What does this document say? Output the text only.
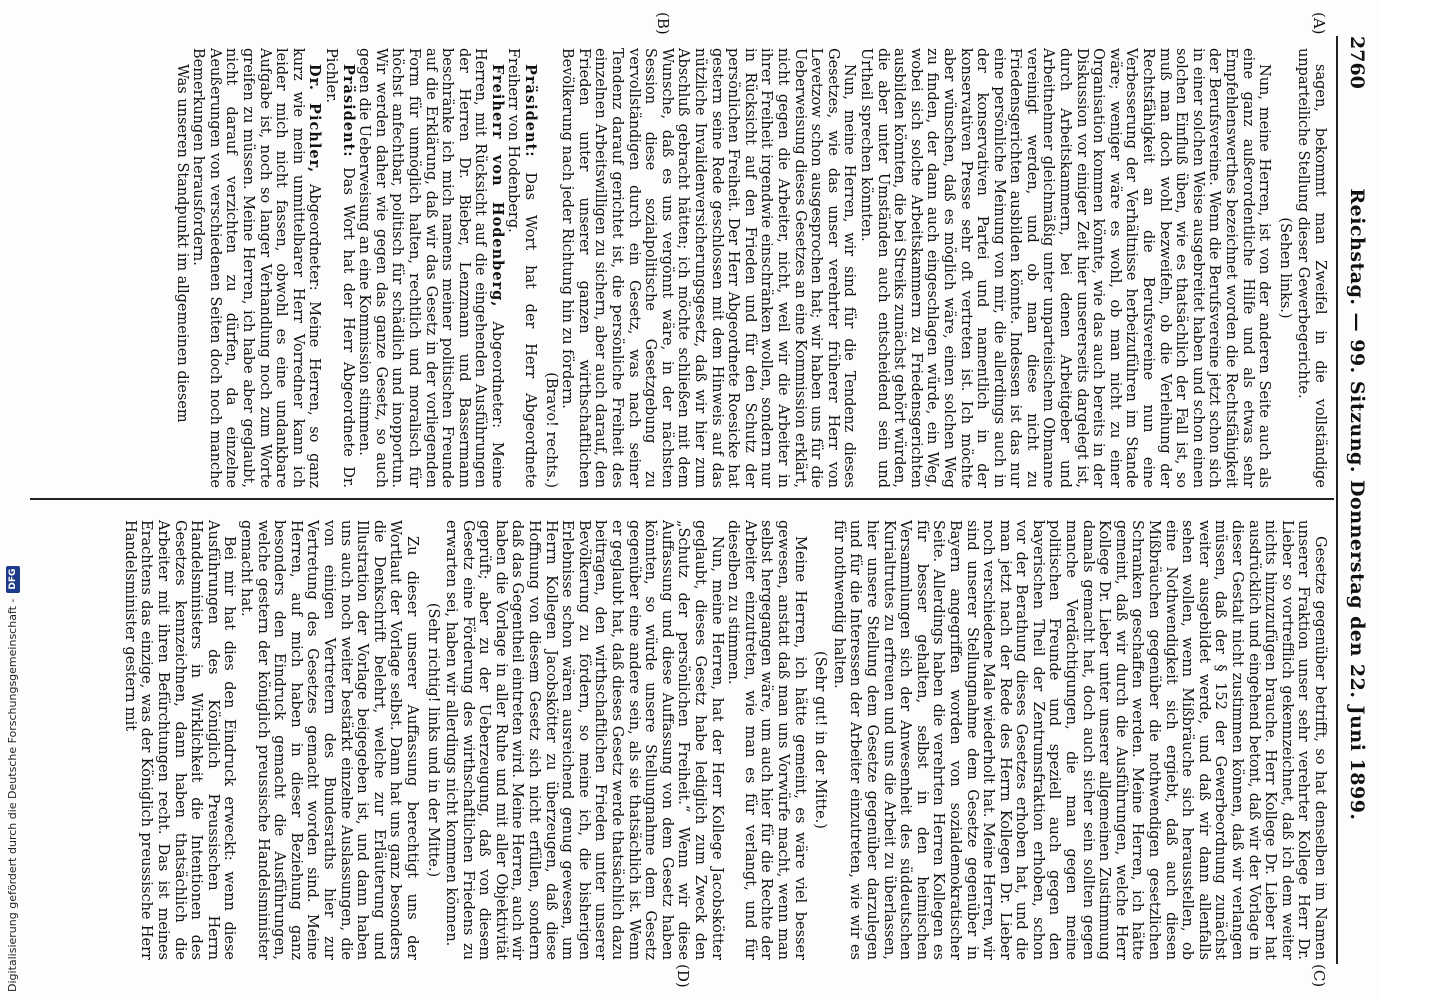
2760
Reichstag. — 99. Sitzung. Donnerstag den 22. Juni 1899.
(A)
(B)
(C)
(D)

sagen, bekommt man Zweifel in die vollständige unparteiliche Stellung dieser Gewerbegerichte.

(Sehen links.)

Nun, meine Herren, ist von der anderen Seite auch als eine ganz außerordentliche Hilfe und als etwas sehr Empfehlenswerthes bezeichnet worden die Rechtsfähigkeit der Berufsvereine. Wenn die Berufsvereine jetzt schon sich in einer solchen Weise ausgebreitet haben und schon einen solchen Einfluß üben, wie es thatsächlich der Fall ist, so muß man doch wohl bezweifeln, ob die Verleihung der Rechtsfähigkeit an die Berufsvereine nun eine Verbesserung der Verhältnisse herbeizuführen im Stande wäre; weniger wäre es wohl, ob man nicht zu einer Organisation kommen könnte, wie das auch bereits in der Diskussion vor einiger Zeit hier unsererseits dargelegt ist, durch Arbeitskammern, bei denen Arbeitgeber und Arbeitnehmer gleichmäßig unter unparteiischem Obmanne vereinigt werden, und ob man diese nicht zu Friedensgerichten ausbilden könnte. Indessen ist das nur eine persönliche Meinung von mir, die allerdings auch in der konservativen Partei und namentlich in der konservativen Presse sehr oft vertreten ist. Ich möchte aber wünschen, daß es möglich wäre, einen solchen Weg zu finden, der dann auch eingeschlagen würde, ein Weg, wobei sich solche Arbeitskammern zu Friedensgerichten ausbilden könnten, die bei Streiks zunächst gehört würden, die aber unter Umständen auch entscheidend sein und Urtheil sprechen könnten.

Nun, meine Herren, wir sind für die Tendenz dieses Gesetzes, wie das unser verehrter früherer Herr von Levetzow schon ausgesprochen hat; wir haben uns für die Ueberweisung dieses Gesetzes an eine Kommission erklärt, nicht gegen die Arbeiter, nicht, weil wir die Arbeiter in ihrer Freiheit irgendwie einschränken wollen, sondern nur in Rücksicht auf den Frieden und für den Schutz der persönlichen Freiheit. Der Herr Abgeordnete Roesicke hat gestern seine Rede geschlossen mit dem Hinweis auf das nützliche Invalidenversicherungsgesetz, daß wir hier zum Abschluß gebracht hätten; ich möchte schließen mit dem Wunsche, daß es uns vergönnt wäre, in der nächsten Session diese sozialpolitische Gesetzgebung zu vervollständigen durch ein Gesetz, was nach seiner Tendenz darauf gerichtet ist, die persönliche Freiheit des einzelnen Arbeitswilligen zu sichern, aber auch darauf, den Frieden unter unserer ganzen wirthschaftlichen Bevölkerung nach jeder Richtung hin zu fördern.

(Bravo! rechts.)

Präsident: Das Wort hat der Herr Abgeordnete Freiherr von Hodenberg.

Freiherr von Hodenberg, Abgeordneter: Meine Herren, mit Rücksicht auf die eingehenden Ausführungen der Herren Dr. Bieber, Lenzmann und Bassermann beschränke ich mich namens meiner politischen Freunde auf die Erklärung, daß wir das Gesetz in der vorliegenden Form für unmöglich halten, rechtlich und moralisch für höchst anfechtbar, politisch für schädlich und inopportun. Wir werden daher wie gegen das ganze Gesetz, so auch gegen die Ueberweisung an eine Kommission stimmen.

Präsident: Das Wort hat der Herr Abgeordnete Dr. Pichler.

Dr. Pichler, Abgeordneter: Meine Herren, so ganz kurz wie mein unmittelbarer Herr Vorredner kann ich leider mich nicht fassen, obwohl es eine undankbare Aufgabe ist, noch so langer Verhandlung noch zum Worte greifen zu müssen. Meine Herren, ich habe aber geglaubt, nicht darauf verzichten zu dürfen, da einzelne Aeußerungen von verschiedenen Seiten doch noch manche Bemerkungen herausfordern.

Was unseren Standpunkt im allgemeinen diesem

Gesetze gegenüber betrifft, so hat denselben im Namen unserer Fraktion unser sehr verehrter Kollege Herr Dr. Lieber so vortrefflich gekennzeichnet, daß ich dem weiter nichts hinzuzufügen brauche. Herr Kollege Dr. Lieber hat ausdrücklich und eingehend betont, daß wir der Vorlage in dieser Gestalt nicht zustimmen können, daß wir verlangen müssen, daß der § 152 der Gewerbeordnung zunächst weiter ausgebildet werde, und daß wir dann allenfalls sehen wollen, wenn Mißbräuche sich herausstellen, ob eine Nothwendigkeit sich ergiebt, daß auch diesen Mißbräuchen gegenüber die nothwendigen gesetzlichen Schranken geschaffen werden. Meine Herren, ich hätte gemeint, daß wir durch die Ausführungen, welche Herr Kollege Dr. Lieber unter unserer allgemeinen Zustimmung damals gemacht hat, doch auch sicher sein sollten gegen manche Verdächtigungen, die man gegen meine politischen Freunde und speziell auch gegen den bayerischen Theil der Zentrumsfraktion erhoben, schon vor der Berathung dieses Gesetzes erhoben hat, und die man jetzt nach der Rede des Herrn Kollegen Dr. Lieber noch verschiedene Male wiederholt hat. Meine Herren, wir sind unserer Stellungnahme dem Gesetze gegenüber in Bayern angegriffen worden von sozialdemokratischer Seite. Allerdings haben die verehrten Herren Kollegen es für besser gehalten, selbst in den heimischen Versammlungen sich der Anwesenheit des süddeutschen Kurialtrutes zu erfreuen und uns die Arbeit zu überlassen, hier unsere Stellung dem Gesetze gegenüber darzulegen und für die Interessen der Arbeiter einzutreten, wie wir es für nothwendig halten.

(Sehr gut! in der Mitte.)

Meine Herren, ich hätte gemeint, es wäre viel besser gewesen, anstatt daß man uns Vorwürfe macht, wenn man selbst hergegangen wäre, um auch hier für die Rechte der Arbeiter einzutreten, wie man es für verlangt, und für dieselben zu stimmen.

Nun, meine Herren, hat der Herr Kollege Jacobskötter geglaubt, dieses Gesetz habe lediglich zum Zweck den „Schutz der persönlichen Freiheit.“ Wenn wir diese Auffassung und diese Auffassung von dem Gesetz haben könnten, so würde unsere Stellungnahme dem Gesetz gegenüber eine andere sein, als sie thatsächlich ist. Wenn er geglaubt hat, daß dieses Gesetz werde thatsächlich dazu beitragen, den wirthschaftlichen Frieden unter unserer Bevölkerung zu fördern, so meine ich, die bisherigen Erlebnisse schon wären ausreichend genug gewesen, um Herrn Kollegen Jacobskötter zu überzeugen, daß diese Hoffnung von diesem Gesetz sich nicht erfüllen, sondern daß das Gegentheil eintreten wird. Meine Herren, auch wir haben die Vorlage in aller Ruhe und mit aller Objektivität geprüft; aber zu der Ueberzeugung, daß von diesem Gesetz eine Förderung des wirthschaftlichen Friedens zu erwarten sei, haben wir allerdings nicht kommen können.

(Sehr richtig! links und in der Mitte.)

Zu dieser unserer Auffassung berechtigt uns der Wortlaut der Vorlage selbst. Dann hat uns ganz besonders die Denkschrift belehrt, welche zur Erläuterung und Illustration der Vorlage beigegeben ist, und dann haben uns auch noch weiter bestärkt einzelne Auslassungen, die von einigen Vertretern des Bundesraths hier zur Vertretung des Gesetzes gemacht worden sind. Meine Herren, auf mich haben in dieser Beziehung ganz besonders den Eindruck gemacht die Ausführungen, welche gestern der königlich preussische Handelsminister gemacht hat.

Bei mir hat dies den Eindruck erweckt: wenn diese Ausführungen des Königlich Preussischen Herrn Handelsministers in Wirklichkeit die Intentionen des Gesetzes kennzeichnen, dann haben thatsächlich die Arbeiter mit ihren Befürchtungen recht. Das ist meines Erachtens das einzige, was der Königlich preussische Herr Handelsminister gestern mit

Digitalisierung gefördert durch die Deutsche Forschungsgemeinschaft -
DFG
